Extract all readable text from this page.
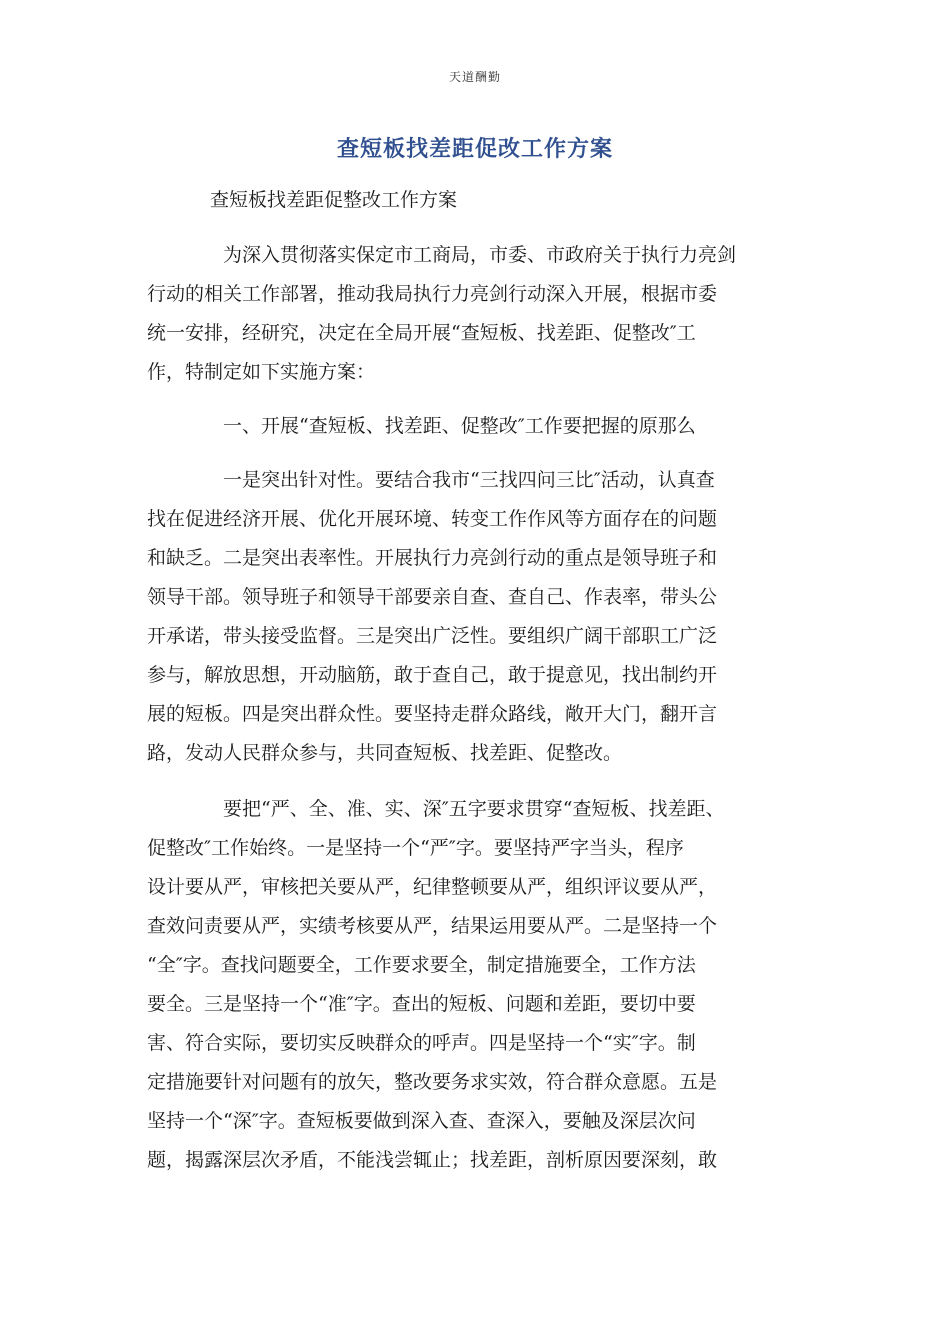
天道酬勤
查短板找差距促改工作方案
查短板找差距促整改工作方案
为深入贯彻落实保定市工商局，市委、市政府关于执行力亮剑
行动的相关工作部署，推动我局执行力亮剑行动深入开展，根据市委
统一安排，经研究，决定在全局开展“查短板、找差距、促整改″工
作，特制定如下实施方案：
一、开展“查短板、找差距、促整改″工作要把握的原那么
一是突出针对性。要结合我市“三找四问三比″活动，认真查
找在促进经济开展、优化开展环境、转变工作作风等方面存在的问题
和缺乏。二是突出表率性。开展执行力亮剑行动的重点是领导班子和
领导干部。领导班子和领导干部要亲自查、查自己、作表率，带头公
开承诺，带头接受监督。三是突出广泛性。要组织广阔干部职工广泛
参与，解放思想，开动脑筋，敢于查自己，敢于提意见，找出制约开
展的短板。四是突出群众性。要坚持走群众路线，敞开大门，翻开言
路，发动人民群众参与，共同查短板、找差距、促整改。
要把“严、全、准、实、深″五字要求贯穿“查短板、找差距、
促整改″工作始终。一是坚持一个“严″字。要坚持严字当头，程序
设计要从严，审核把关要从严，纪律整顿要从严，组织评议要从严，
查效问责要从严，实绩考核要从严，结果运用要从严。二是坚持一个
“全″字。查找问题要全，工作要求要全，制定措施要全，工作方法
要全。三是坚持一个“准″字。查出的短板、问题和差距，要切中要
害、符合实际，要切实反映群众的呼声。四是坚持一个“实″字。制
定措施要针对问题有的放矢，整改要务求实效，符合群众意愿。五是
坚持一个“深″字。查短板要做到深入查、查深入，要触及深层次问
题，揭露深层次矛盾，不能浅尝辄止；找差距，剖析原因要深刻，敢
